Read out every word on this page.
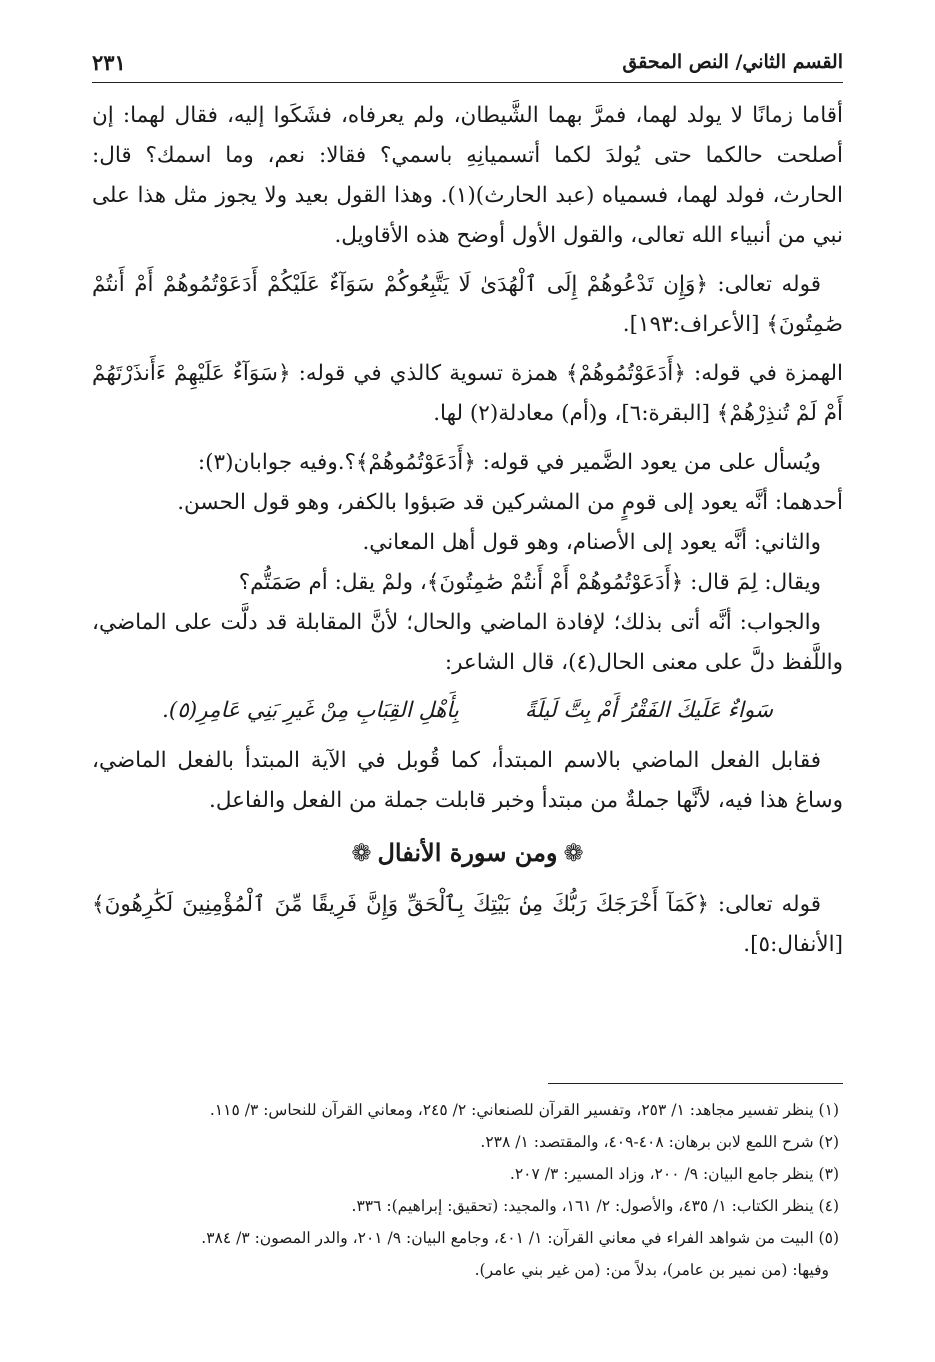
القسم الثاني/ النص المحقق
٢٣١

أقاما زمانًا لا يولد لهما، فمرَّ بهما الشَّيطان، ولم يعرفاه، فشَكَوا إليه، فقال لهما: إن أصلحت حالكما حتى يُولدَ لكما أتسميانِهِ باسمي؟ فقالا: نعم، وما اسمك؟ قال: الحارث، فولد لهما، فسمياه (عبد الحارث)(١). وهذا القول بعيد ولا يجوز مثل هذا على نبي من أنبياء الله تعالى، والقول الأول أوضح هذه الأقاويل.

قوله تعالى: ﴿وَإِن تَدْعُوهُمْ إِلَى ٱلْهُدَىٰ لَا يَتَّبِعُوكُمْ سَوَآءٌ عَلَيْكُمْ أَدَعَوْتُمُوهُمْ أَمْ أَنتُمْ صَٰمِتُونَ﴾ [الأعراف:١٩٣].

الهمزة في قوله: ﴿أَدَعَوْتُمُوهُمْ﴾ همزة تسوية كالذي في قوله: ﴿سَوَآءٌ عَلَيْهِمْ ءَأَنذَرْتَهُمْ أَمْ لَمْ تُنذِرْهُمْ﴾ [البقرة:٦]، و(أم) معادلة(٢) لها.

ويُسأل على من يعود الضَّمير في قوله: ﴿أَدَعَوْتُمُوهُمْ﴾؟.وفيه جوابان(٣):

أحدهما: أنَّه يعود إلى قومٍ من المشركين قد صَبؤوا بالكفر، وهو قول الحسن.

والثاني: أنَّه يعود إلى الأصنام، وهو قول أهل المعاني.

ويقال: لِمَ قال: ﴿أَدَعَوْتُمُوهُمْ أَمْ أَنتُمْ صَٰمِتُونَ﴾، ولمْ يقل: أم صَمَتُّم؟

والجواب: أنَّه أتى بذلك؛ لإفادة الماضي والحال؛ لأنَّ المقابلة قد دلَّت على الماضي، واللَّفظ دلَّ على معنى الحال(٤)، قال الشاعر:

سَواءٌ عَلَيكَ الفَقْرُ أَمْ بِتَّ لَيلَةً
بِأَهْلِ القِبَابِ مِنْ غَيرِ بَنِي عَامِرِ(٥).

فقابل الفعل الماضي بالاسم المبتدأ، كما قُوبل في الآية المبتدأ بالفعل الماضي، وساغ هذا فيه، لأنَّها جملةٌ من مبتدأ وخبر قابلت جملة من الفعل والفاعل.

❁
ومن سورة الأنفال
❁

قوله تعالى: ﴿كَمَآ أَخْرَجَكَ رَبُّكَ مِنۢ بَيْتِكَ بِٱلْحَقِّ وَإِنَّ فَرِيقًا مِّنَ ٱلْمُؤْمِنِينَ لَكَٰرِهُونَ﴾ [الأنفال:٥].

(١) ينظر تفسير مجاهد: ١/ ٢٥٣، وتفسير القرآن للصنعاني: ٢/ ٢٤٥، ومعاني القرآن للنحاس: ٣/ ١١٥.

(٢) شرح اللمع لابن برهان: ٤٠٨-٤٠٩، والمقتصد: ١/ ٢٣٨.

(٣) ينظر جامع البيان: ٩/ ٢٠٠، وزاد المسير: ٣/ ٢٠٧.

(٤) ينظر الكتاب: ١/ ٤٣٥، والأصول: ٢/ ١٦١، والمجيد: (تحقيق: إبراهيم): ٣٣٦.

(٥) البيت من شواهد الفراء في معاني القرآن: ١/ ٤٠١، وجامع البيان: ٩/ ٢٠١، والدر المصون: ٣/ ٣٨٤.

وفيها: (من نمير بن عامر)، بدلاً من: (من غير بني عامر).
